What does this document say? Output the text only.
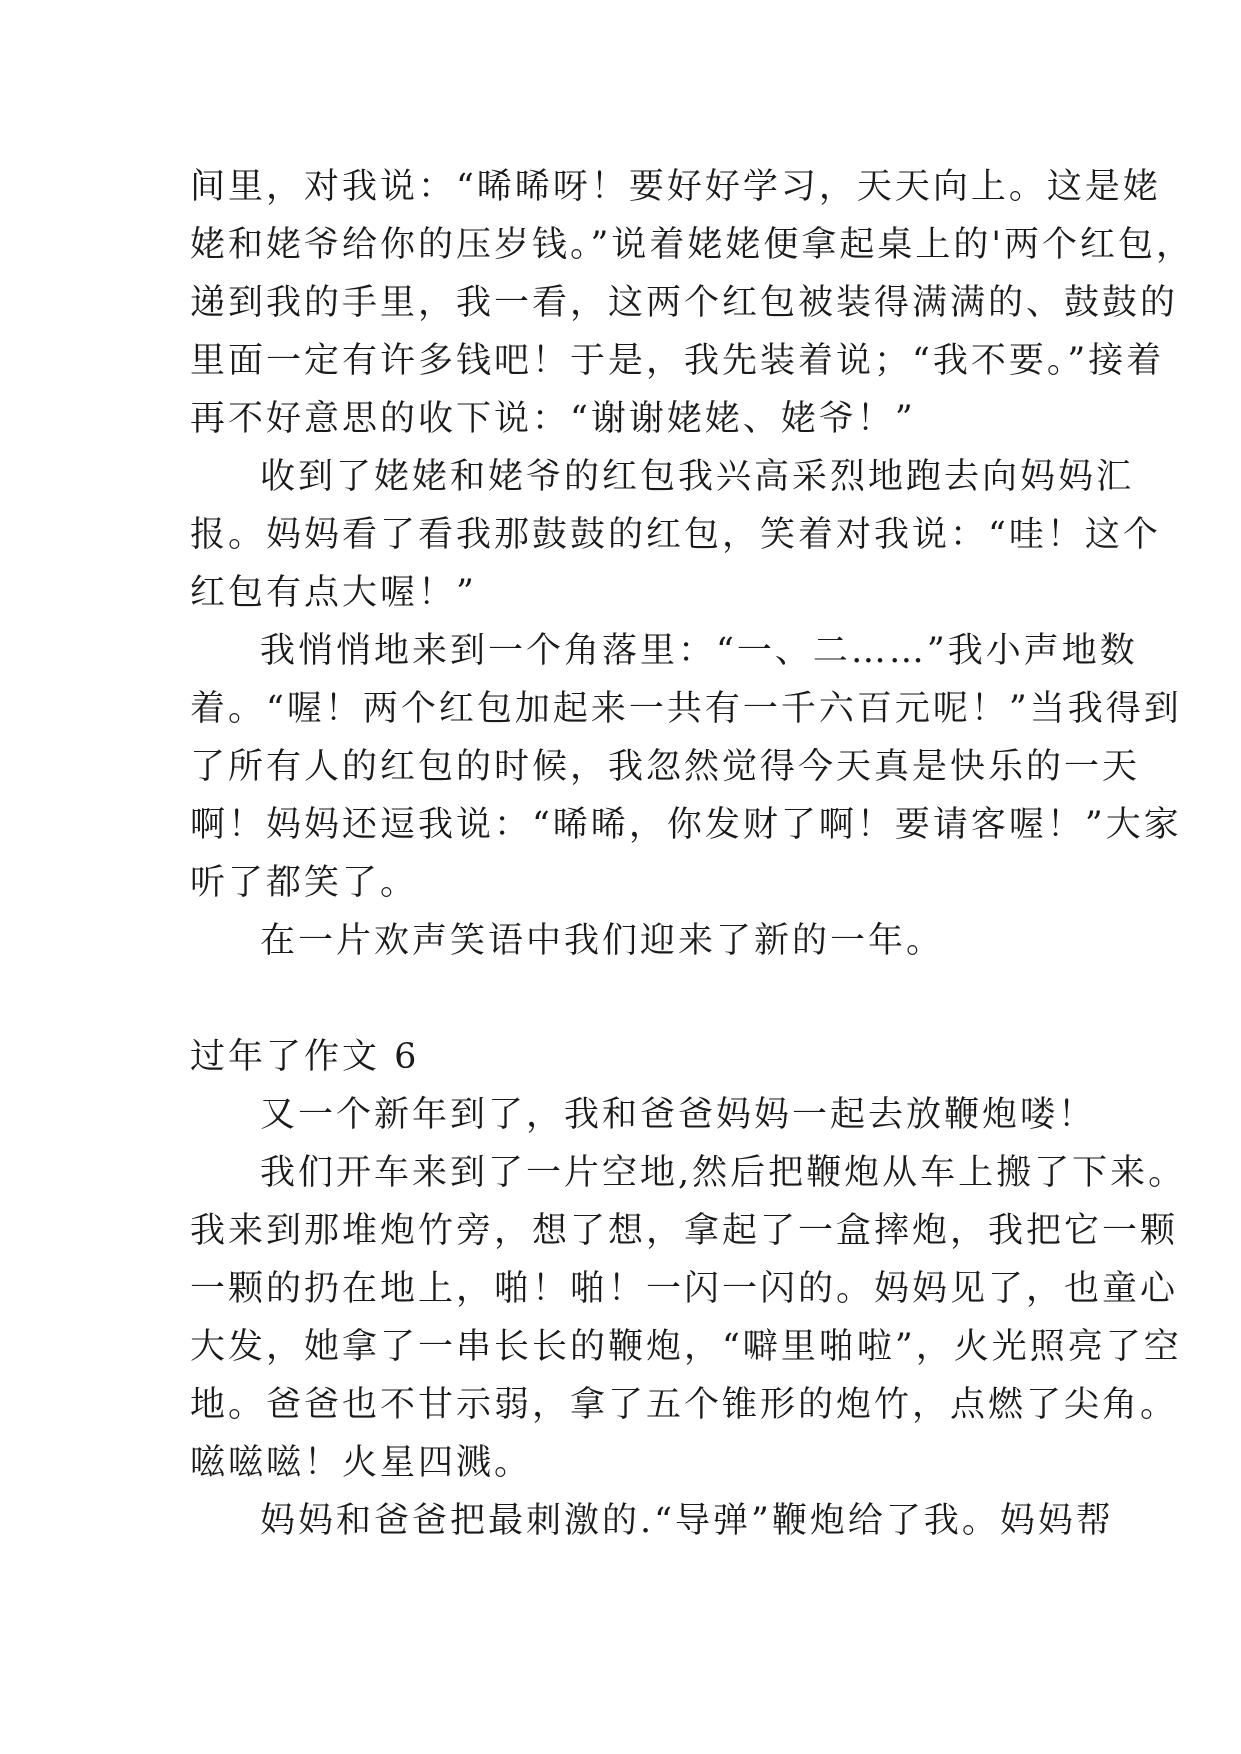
间里，对我说：“晞晞呀！要好好学习，天天向上。这是姥
姥和姥爷给你的压岁钱。”说着姥姥便拿起桌上的'两个红包，
递到我的手里，我一看，这两个红包被装得满满的、鼓鼓的
里面一定有许多钱吧！于是，我先装着说；“我不要。”接着
再不好意思的收下说：“谢谢姥姥、姥爷！”
收到了姥姥和姥爷的红包我兴高采烈地跑去向妈妈汇
报。妈妈看了看我那鼓鼓的红包，笑着对我说：“哇！这个
红包有点大喔！”
我悄悄地来到一个角落里：“一、二……”我小声地数
着。“喔！两个红包加起来一共有一千六百元呢！”当我得到
了所有人的红包的时候，我忽然觉得今天真是快乐的一天
啊！妈妈还逗我说：“晞晞，你发财了啊！要请客喔！”大家
听了都笑了。
在一片欢声笑语中我们迎来了新的一年。
过年了作文 6
又一个新年到了，我和爸爸妈妈一起去放鞭炮喽！
我们开车来到了一片空地,然后把鞭炮从车上搬了下来。
我来到那堆炮竹旁，想了想，拿起了一盒摔炮，我把它一颗
一颗的扔在地上，啪！啪！一闪一闪的。妈妈见了，也童心
大发，她拿了一串长长的鞭炮，“噼里啪啦”，火光照亮了空
地。爸爸也不甘示弱，拿了五个锥形的炮竹，点燃了尖角。
嗞嗞嗞！火星四溅。
妈妈和爸爸把最刺激的.“导弹”鞭炮给了我。妈妈帮
